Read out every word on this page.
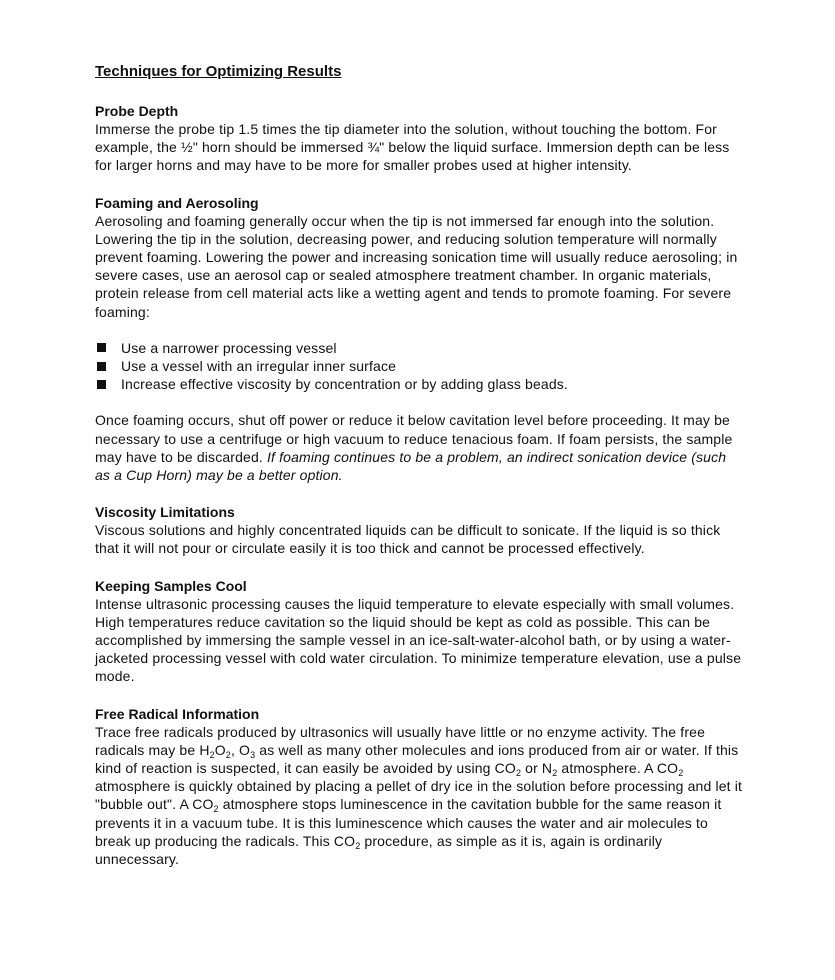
Techniques for Optimizing Results
Probe Depth

Immerse the probe tip 1.5 times the tip diameter into the solution, without touching the bottom. For example, the ½" horn should be immersed ¾" below the liquid surface. Immersion depth can be less for larger horns and may have to be more for smaller probes used at higher intensity.

Foaming and Aerosoling

Aerosoling and foaming generally occur when the tip is not immersed far enough into the solution. Lowering the tip in the solution, decreasing power, and reducing solution temperature will normally prevent foaming. Lowering the power and increasing sonication time will usually reduce aerosoling; in severe cases, use an aerosol cap or sealed atmosphere treatment chamber. In organic materials, protein release from cell material acts like a wetting agent and tends to promote foaming. For severe foaming:

Use a narrower processing vessel
Use a vessel with an irregular inner surface
Increase effective viscosity by concentration or by adding glass beads.

Once foaming occurs, shut off power or reduce it below cavitation level before proceeding. It may be necessary to use a centrifuge or high vacuum to reduce tenacious foam. If foam persists, the sample may have to be discarded. If foaming continues to be a problem, an indirect sonication device (such as a Cup Horn) may be a better option.

Viscosity Limitations

Viscous solutions and highly concentrated liquids can be difficult to sonicate. If the liquid is so thick that it will not pour or circulate easily it is too thick and cannot be processed effectively.

Keeping Samples Cool

Intense ultrasonic processing causes the liquid temperature to elevate especially with small volumes. High temperatures reduce cavitation so the liquid should be kept as cold as possible. This can be accomplished by immersing the sample vessel in an ice-salt-water-alcohol bath, or by using a water-jacketed processing vessel with cold water circulation. To minimize temperature elevation, use a pulse mode.

Free Radical Information

Trace free radicals produced by ultrasonics will usually have little or no enzyme activity. The free radicals may be $H_2O_2$, $O_3$ as well as many other molecules and ions produced from air or water. If this kind of reaction is suspected, it can easily be avoided by using $CO_2$ or $N_2$ atmosphere. A $CO_2$ atmosphere is quickly obtained by placing a pellet of dry ice in the solution before processing and let it "bubble out". A $CO_2$ atmosphere stops luminescence in the cavitation bubble for the same reason it prevents it in a vacuum tube. It is this luminescence which causes the water and air molecules to break up producing the radicals. This $CO_2$ procedure, as simple as it is, again is ordinarily unnecessary.
